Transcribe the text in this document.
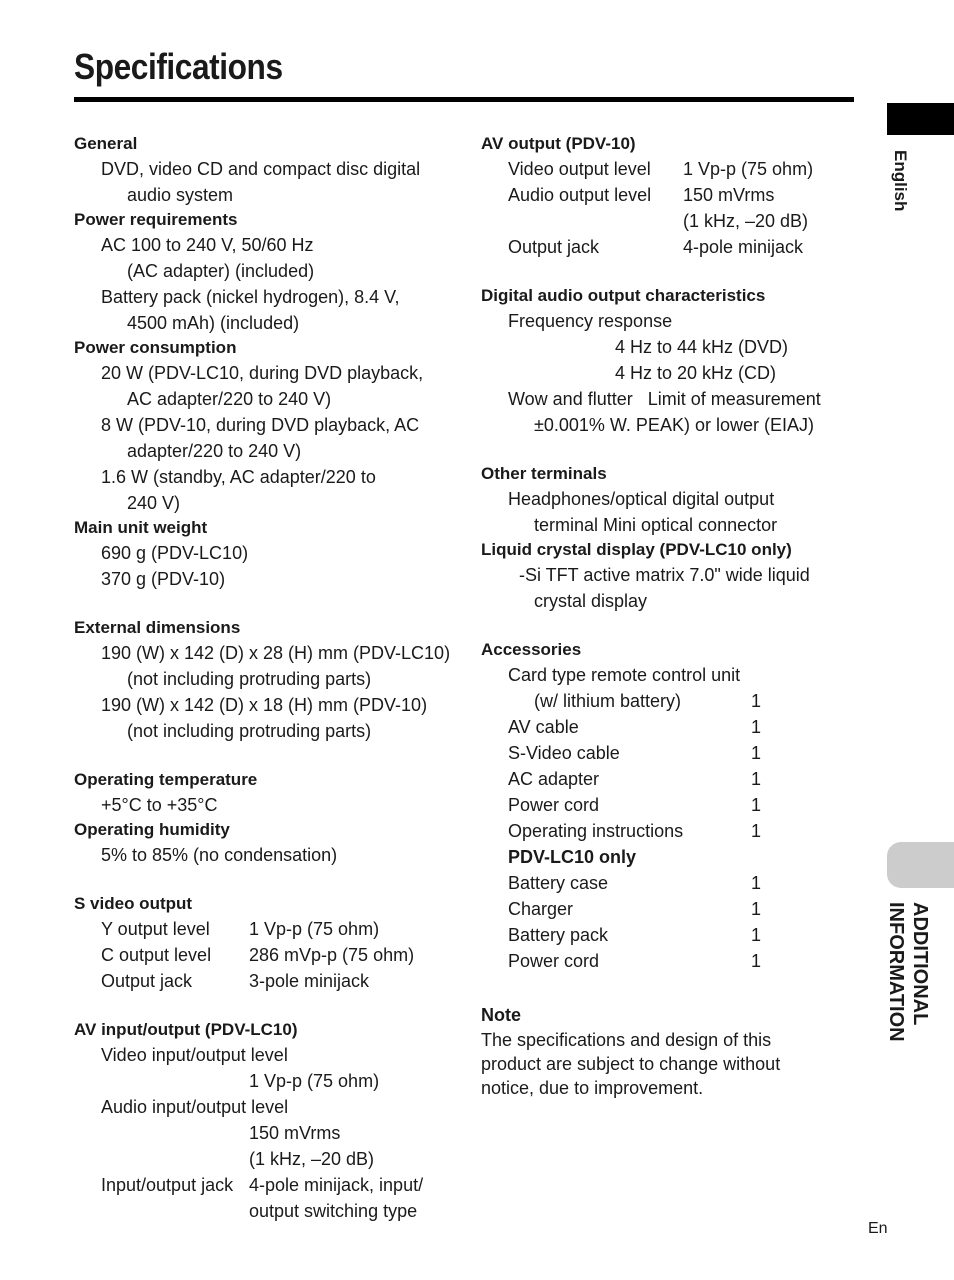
Specifications
General
DVD, video CD and compact disc digital
audio system
Power requirements
AC 100 to 240 V, 50/60 Hz
(AC adapter) (included)
Battery pack (nickel hydrogen), 8.4 V,
4500 mAh) (included)
Power consumption
20 W (PDV-LC10, during DVD playback,
AC adapter/220 to 240 V)
8 W (PDV-10, during DVD playback, AC
adapter/220 to 240 V)
1.6 W (standby, AC adapter/220 to
240 V)
Main unit weight
690 g (PDV-LC10)
370 g (PDV-10)
External dimensions
190 (W) x 142 (D) x 28 (H) mm (PDV-LC10)
(not including protruding parts)
190 (W) x 142 (D) x 18 (H) mm (PDV-10)
(not including protruding parts)
Operating temperature
+5°C to +35°C
Operating humidity
5% to 85% (no condensation)
S video output
Y output level	1 Vp-p (75 ohm)
C output level	286 mVp-p (75 ohm)
Output jack	3-pole minijack
AV input/output (PDV-LC10)
Video input/output level
1 Vp-p (75 ohm)
Audio input/output level
150 mVrms
(1 kHz, –20 dB)
Input/output jack 4-pole minijack, input/
output switching type
AV output (PDV-10)
Video output level	1 Vp-p (75 ohm)
Audio output level	150 mVrms
(1 kHz, –20 dB)
Output jack	4-pole minijack
Digital audio output characteristics
Frequency response
4 Hz to 44 kHz (DVD)
4 Hz to 20 kHz (CD)
Wow and flutter   Limit of measurement
±0.001% W. PEAK) or lower (EIAJ)
Other terminals
Headphones/optical digital output
terminal Mini optical connector
Liquid crystal display (PDV-LC10 only)
-Si TFT active matrix 7.0" wide liquid
crystal display
Accessories
Card type remote control unit
(w/ lithium battery)	1
AV cable	1
S-Video cable	1
AC adapter	1
Power cord	1
Operating instructions	1
PDV-LC10 only
Battery case	1
Charger	1
Battery pack	1
Power cord	1
Note
The specifications and design of this product are subject to change without notice, due to improvement.
English
ADDITIONAL
INFORMATION
En
